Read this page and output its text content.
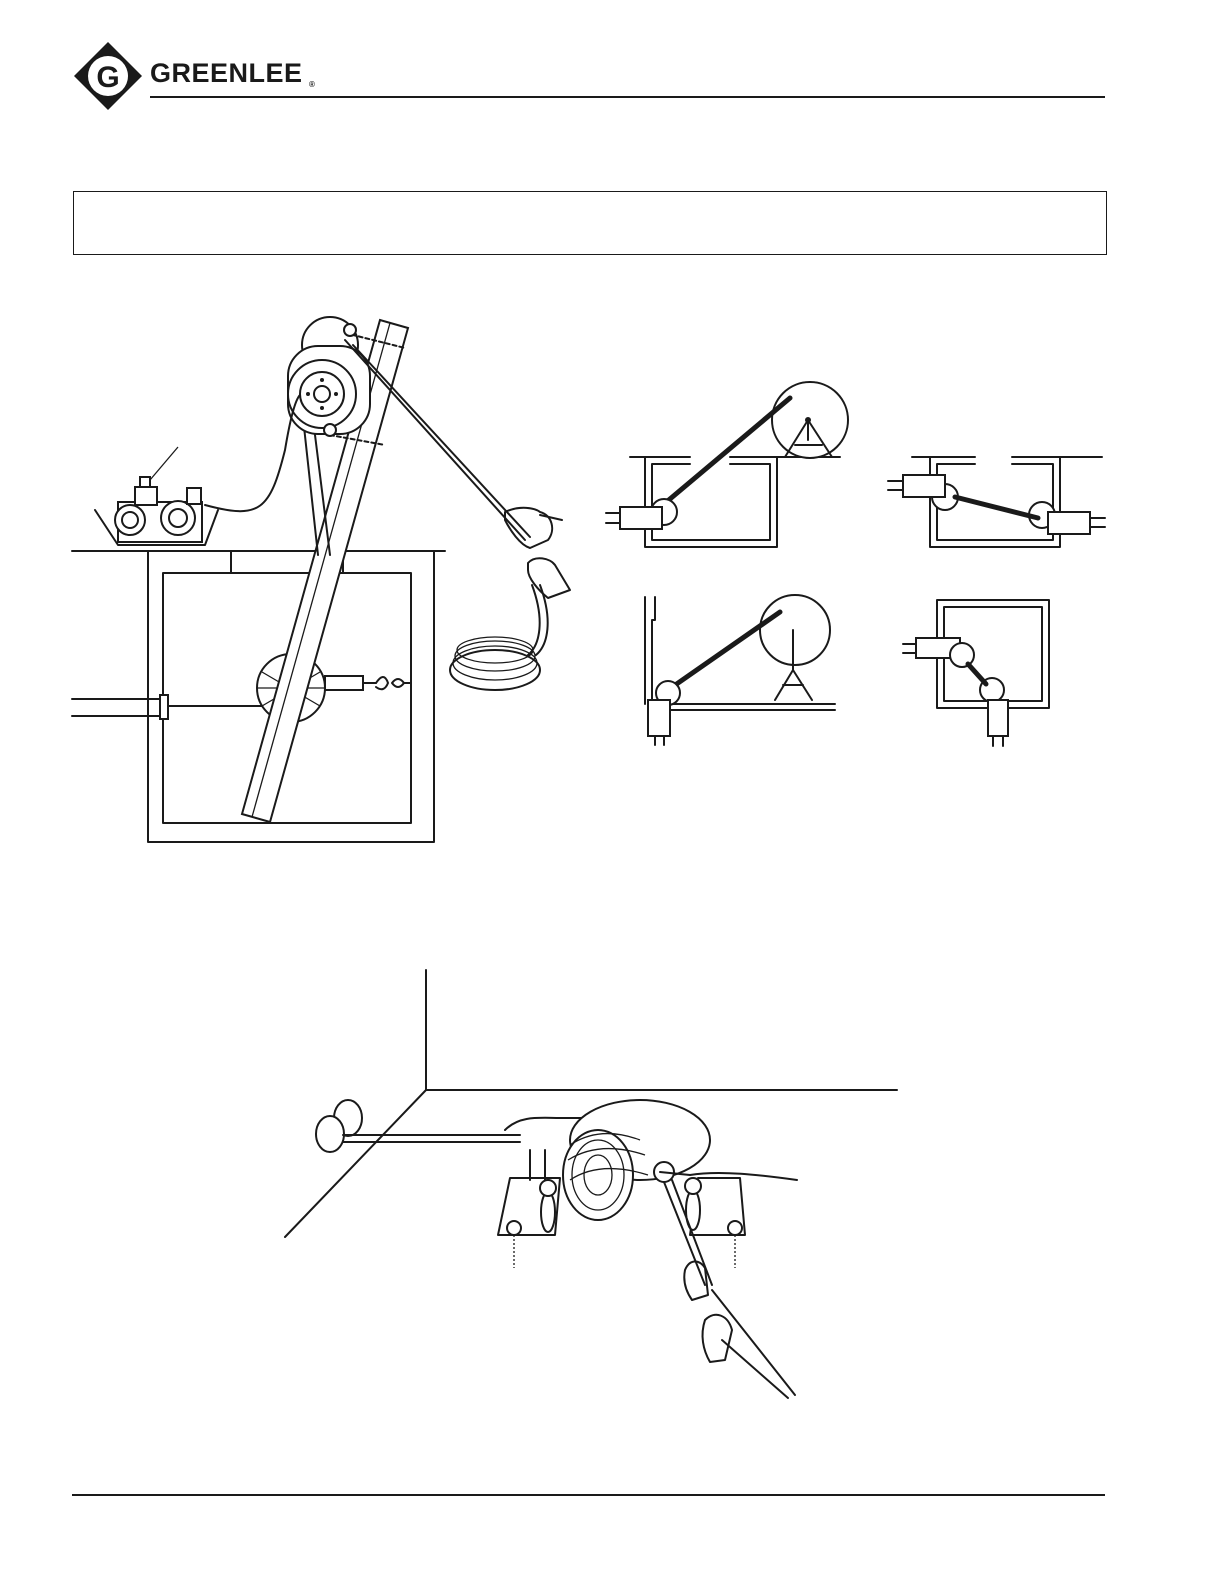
G GREENLEE ®
